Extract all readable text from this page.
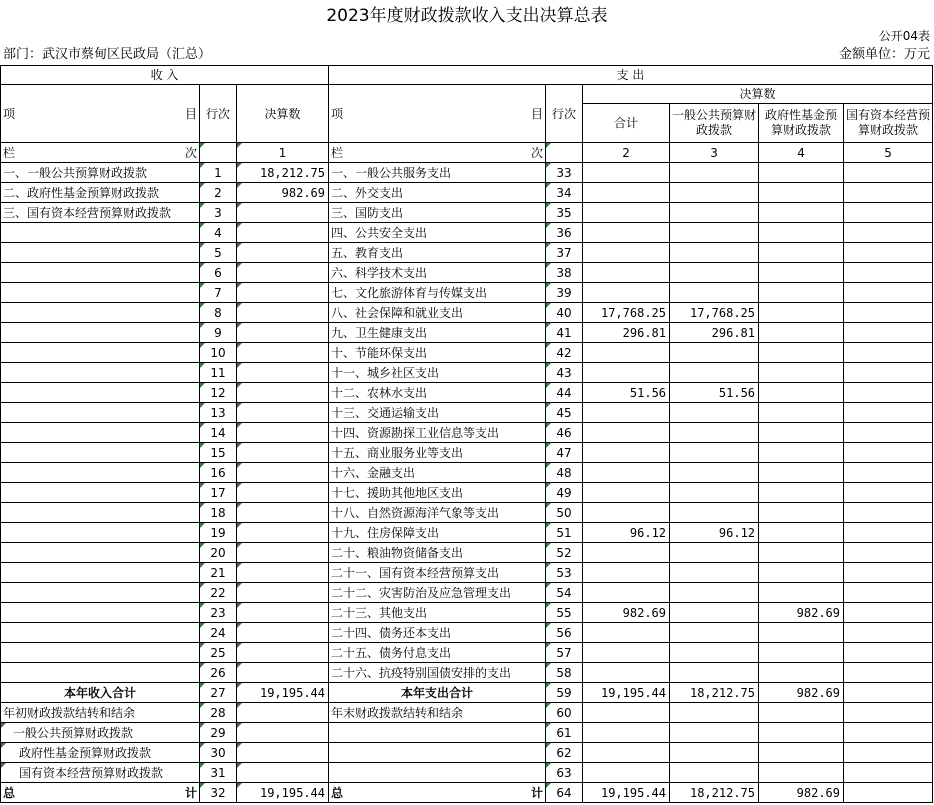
2023年度财政拨款收入支出决算总表
公开04表
部门：武汉市蔡甸区民政局（汇总）	金额单位：万元
收 入			支 出					

项 目	行次	决算数	项 目	行次	决算数			
					合计	一般公共预算财政拨款	政府性基金预算财政拨款	国有资本经营预算财政拨款

栏 次		1	栏 次		2	3	4	5
一、一般公共预算财政拨款	1	18,212.75	一、一般公共服务支出	33				
二、政府性基金预算财政拨款	2	982.69	二、外交支出	34				
三、国有资本经营预算财政拨款	3		三、国防支出	35				
	4		四、公共安全支出	36				
	5		五、教育支出	37				
	6		六、科学技术支出	38				
	7		七、文化旅游体育与传媒支出	39				
	8		八、社会保障和就业支出	40	17,768.25	17,768.25		
	9		九、卫生健康支出	41	296.81	296.81		
	10		十、节能环保支出	42				
	11		十一、城乡社区支出	43				
	12		十二、农林水支出	44	51.56	51.56		
	13		十三、交通运输支出	45				
	14		十四、资源勘探工业信息等支出	46				
	15		十五、商业服务业等支出	47				
	16		十六、金融支出	48				
	17		十七、援助其他地区支出	49				
	18		十八、自然资源海洋气象等支出	50				
	19		十九、住房保障支出	51	96.12	96.12		
	20		二十、粮油物资储备支出	52				
	21		二十一、国有资本经营预算支出	53				
	22		二十二、灾害防治及应急管理支出	54				
	23		二十三、其他支出	55	982.69		982.69	
	24		二十四、债务还本支出	56				
	25		二十五、债务付息支出	57				
	26		二十六、抗疫特别国债安排的支出	58				
本年收入合计	27	19,195.44	本年支出合计	59	19,195.44	18,212.75	982.69	
年初财政拨款结转和结余	28		年末财政拨款结转和结余	60				
一般公共预算财政拨款	29			61				
政府性基金预算财政拨款	30			62				
国有资本经营预算财政拨款	31			63				

总 计	32	19,195.44	总 计	64	19,195.44	18,212.75	982.69	
